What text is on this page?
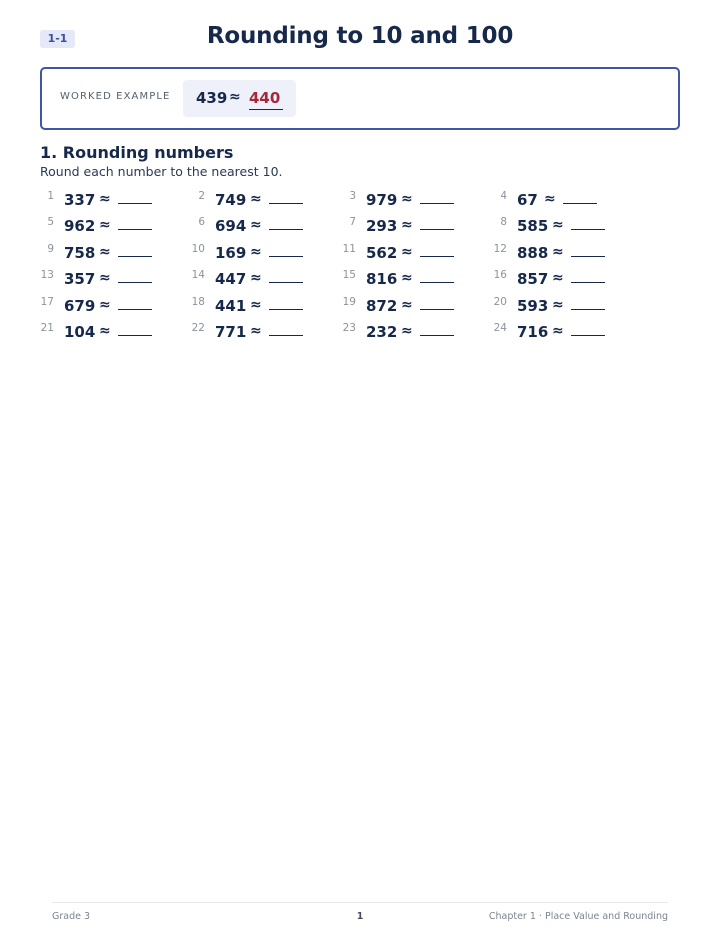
1-1	Rounding to 10 and 100
WORKED EXAMPLE 439 ≈ 440
1. Rounding numbers
Round each number to the nearest 10.
1 337 ≈	2 749 ≈	3 979 ≈	4 67 ≈
5 962 ≈	6 694 ≈	7 293 ≈	8 585 ≈
9 758 ≈	10 169 ≈	11 562 ≈	12 888 ≈
13 357 ≈	14 447 ≈	15 816 ≈	16 857 ≈
17 679 ≈	18 441 ≈	19 872 ≈	20 593 ≈
21 104 ≈	22 771 ≈	23 232 ≈	24 716 ≈
Grade 3	1	Chapter 1 · Place Value and Rounding
